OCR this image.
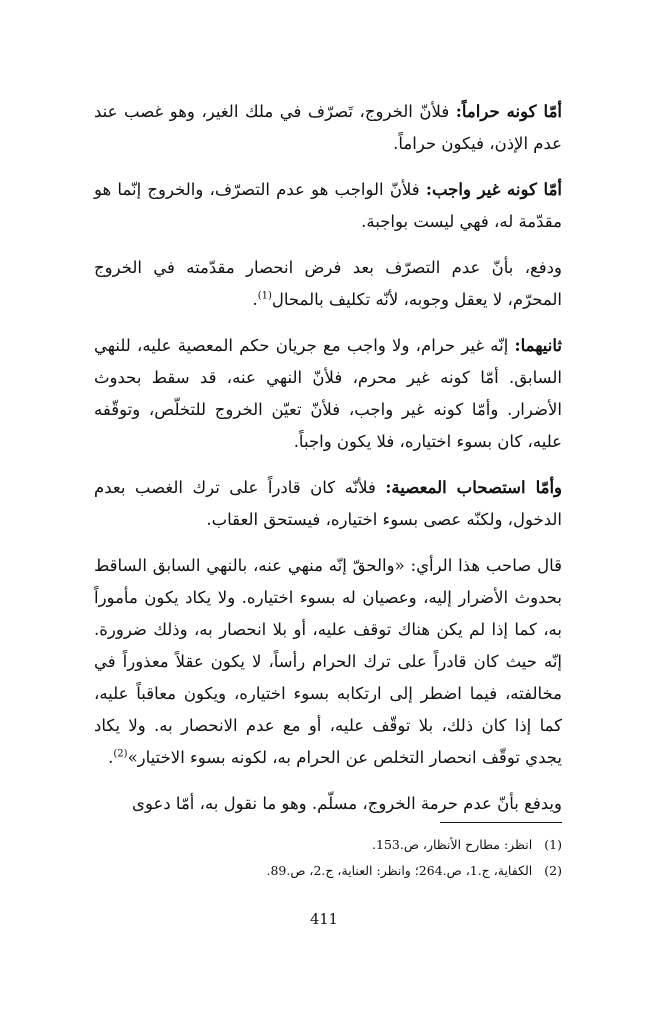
أمّا كونه حراماً: فلأنّ الخروج، تَصرّف في ملك الغير، وهو غصب عند عدم الإذن، فيكون حراماً.

أمّا كونه غير واجب: فلأنّ الواجب هو عدم التصرّف، والخروج إنّما هو مقدّمة له، فهي ليست بواجبة.

ودفع، بأنّ عدم التصرّف بعد فرض انحصار مقدّمته في الخروج المحرّم، لا يعقل وجوبه، لأنّه تكليف بالمحال$^{(1)}$.

ثانيهما: إنّه غير حرام، ولا واجب مع جريان حكم المعصية عليه، للنهي السابق. أمّا كونه غير محرم، فلأنّ النهي عنه، قد سقط بحدوث الأضرار. وأمّا كونه غير واجب، فلأنّ تعيّن الخروج للتخلّص، وتوقّفه عليه، كان بسوء اختياره، فلا يكون واجباً.

وأمّا استصحاب المعصية: فلأنّه كان قادراً على ترك الغصب بعدم الدخول، ولكنّه عصى بسوء اختياره، فيستحق العقاب.

قال صاحب هذا الرأي: «والحقّ إنّه منهي عنه، بالنهي السابق الساقط بحدوث الأضرار إليه، وعصيان له بسوء اختياره. ولا يكاد يكون مأموراً به، كما إذا لم يكن هناك توقف عليه، أو بلا انحصار به، وذلك ضرورة. إنّه حيث كان قادراً على ترك الحرام رأساً، لا يكون عقلاً معذوراً في مخالفته، فيما اضطر إلى ارتكابه بسوء اختياره، ويكون معاقباً عليه، كما إذا كان ذلك، بلا توقّف عليه، أو مع عدم الانحصار به. ولا يكاد يجدي توقّف انحصار التخلص عن الحرام به، لكونه بسوء الاختيار»$^{(2)}$.

ويدفع بأنّ عدم حرمة الخروج، مسلّم. وهو ما نقول به، أمّا دعوى

(1)انظر: مطارح الأنظار، ص.153.
(2)الكفاية، ج.1، ص.264؛ وانظر: العناية، ج.2، ص.89.
411
